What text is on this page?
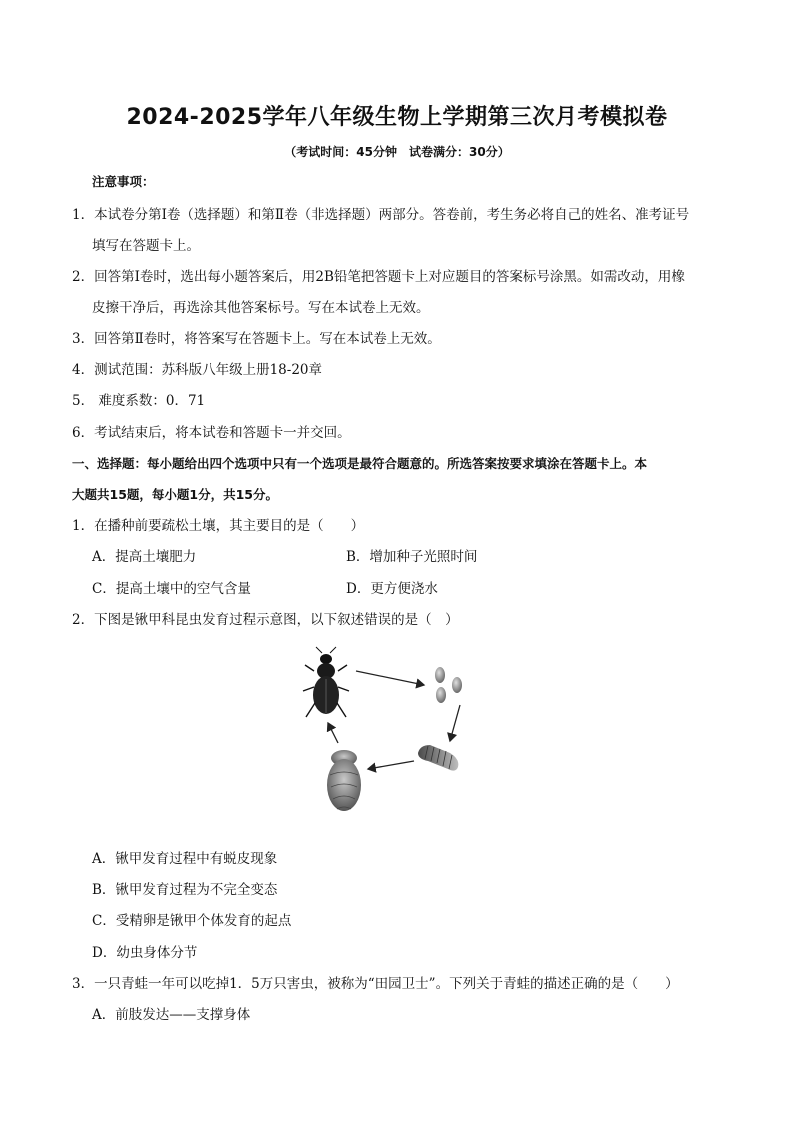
2024-2025学年八年级生物上学期第三次月考模拟卷
（考试时间：45分钟　试卷满分：30分）
注意事项：
1．本试卷分第Ⅰ卷（选择题）和第Ⅱ卷（非选择题）两部分。答卷前，考生务必将自己的姓名、准考证号
填写在答题卡上。
2．回答第Ⅰ卷时，选出每小题答案后，用2B铅笔把答题卡上对应题目的答案标号涂黑。如需改动，用橡
皮擦干净后，再选涂其他答案标号。写在本试卷上无效。
3．回答第Ⅱ卷时，将答案写在答题卡上。写在本试卷上无效。
4．测试范围：苏科版八年级上册18-20章
5． 难度系数：0．71
6．考试结束后，将本试卷和答题卡一并交回。
一、选择题：每小题给出四个选项中只有一个选项是最符合题意的。所选答案按要求填涂在答题卡上。本
大题共15题，每小题1分，共15分。
1．在播种前要疏松土壤，其主要目的是（　　）
A．提高土壤肥力	B．增加种子光照时间
C．提高土壤中的空气含量	D．更方便浇水
2．下图是锹甲科昆虫发育过程示意图，以下叙述错误的是（　）
A．锹甲发育过程中有蜕皮现象
B．锹甲发育过程为不完全变态
C．受精卵是锹甲个体发育的起点
D．幼虫身体分节
3．一只青蛙一年可以吃掉1．5万只害虫，被称为“田园卫士”。下列关于青蛙的描述正确的是（　　）
A．前肢发达——支撑身体
